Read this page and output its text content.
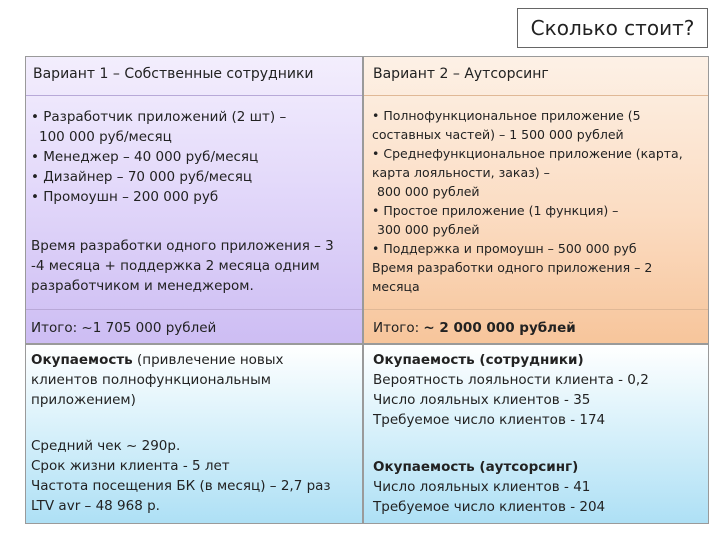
Сколько стоит?
Вариант 1 – Собственные сотрудники
• Разработчик приложений (2 шт) –
100 000 руб/месяц
• Менеджер – 40 000 руб/месяц
• Дизайнер – 70 000 руб/месяц
• Промоушн – 200 000 руб
Время разработки одного приложения – 3
-4 месяца + поддержка 2 месяца одним
разработчиком и менеджером.
Итого: ~1 705 000 рублей
Вариант 2 – Аутсорсинг
• Полнофункциональное приложение (5
составных частей) – 1 500 000 рублей
• Среднефункциональное приложение (карта,
карта лояльности, заказ) –
800 000 рублей
• Простое приложение (1 функция) –
300 000 рублей
• Поддержка и промоушн – 500 000 руб
Время разработки одного приложения – 2
месяца
Итого: ~ 2 000 000 рублей
Окупаемость (привлечение новых
клиентов полнофункциональным
приложением)
Средний чек ~ 290р.
Срок жизни клиента - 5 лет
Частота посещения БК (в месяц) – 2,7 раз
LTV avr – 48 968 р.
Окупаемость (сотрудники)
Вероятность лояльности клиента - 0,2
Число лояльных клиентов - 35
Требуемое число клиентов - 174
Окупаемость (аутсорсинг)
Число лояльных клиентов - 41
Требуемое число клиентов - 204
